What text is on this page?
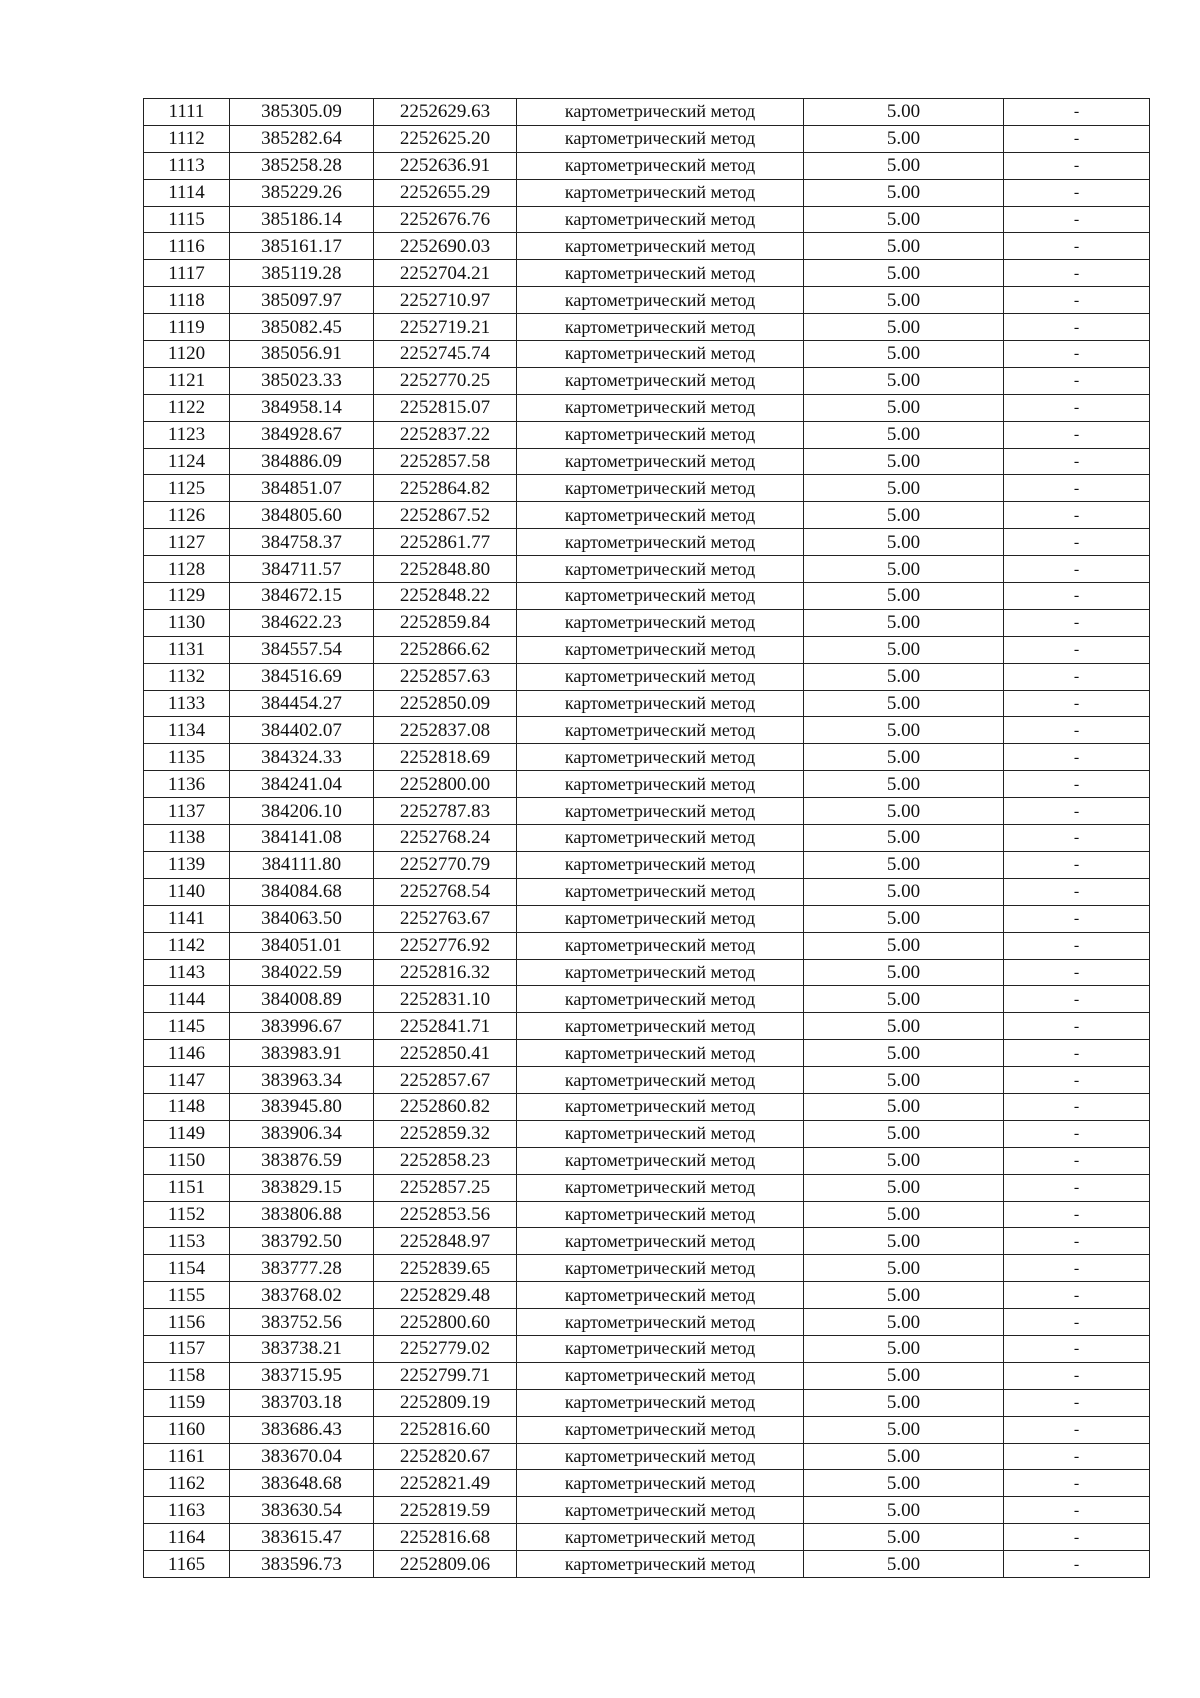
1111	385305.09	2252629.63	картометрический метод	5.00	-
1112	385282.64	2252625.20	картометрический метод	5.00	-
1113	385258.28	2252636.91	картометрический метод	5.00	-
1114	385229.26	2252655.29	картометрический метод	5.00	-
1115	385186.14	2252676.76	картометрический метод	5.00	-
1116	385161.17	2252690.03	картометрический метод	5.00	-
1117	385119.28	2252704.21	картометрический метод	5.00	-
1118	385097.97	2252710.97	картометрический метод	5.00	-
1119	385082.45	2252719.21	картометрический метод	5.00	-
1120	385056.91	2252745.74	картометрический метод	5.00	-
1121	385023.33	2252770.25	картометрический метод	5.00	-
1122	384958.14	2252815.07	картометрический метод	5.00	-
1123	384928.67	2252837.22	картометрический метод	5.00	-
1124	384886.09	2252857.58	картометрический метод	5.00	-
1125	384851.07	2252864.82	картометрический метод	5.00	-
1126	384805.60	2252867.52	картометрический метод	5.00	-
1127	384758.37	2252861.77	картометрический метод	5.00	-
1128	384711.57	2252848.80	картометрический метод	5.00	-
1129	384672.15	2252848.22	картометрический метод	5.00	-
1130	384622.23	2252859.84	картометрический метод	5.00	-
1131	384557.54	2252866.62	картометрический метод	5.00	-
1132	384516.69	2252857.63	картометрический метод	5.00	-
1133	384454.27	2252850.09	картометрический метод	5.00	-
1134	384402.07	2252837.08	картометрический метод	5.00	-
1135	384324.33	2252818.69	картометрический метод	5.00	-
1136	384241.04	2252800.00	картометрический метод	5.00	-
1137	384206.10	2252787.83	картометрический метод	5.00	-
1138	384141.08	2252768.24	картометрический метод	5.00	-
1139	384111.80	2252770.79	картометрический метод	5.00	-
1140	384084.68	2252768.54	картометрический метод	5.00	-
1141	384063.50	2252763.67	картометрический метод	5.00	-
1142	384051.01	2252776.92	картометрический метод	5.00	-
1143	384022.59	2252816.32	картометрический метод	5.00	-
1144	384008.89	2252831.10	картометрический метод	5.00	-
1145	383996.67	2252841.71	картометрический метод	5.00	-
1146	383983.91	2252850.41	картометрический метод	5.00	-
1147	383963.34	2252857.67	картометрический метод	5.00	-
1148	383945.80	2252860.82	картометрический метод	5.00	-
1149	383906.34	2252859.32	картометрический метод	5.00	-
1150	383876.59	2252858.23	картометрический метод	5.00	-
1151	383829.15	2252857.25	картометрический метод	5.00	-
1152	383806.88	2252853.56	картометрический метод	5.00	-
1153	383792.50	2252848.97	картометрический метод	5.00	-
1154	383777.28	2252839.65	картометрический метод	5.00	-
1155	383768.02	2252829.48	картометрический метод	5.00	-
1156	383752.56	2252800.60	картометрический метод	5.00	-
1157	383738.21	2252779.02	картометрический метод	5.00	-
1158	383715.95	2252799.71	картометрический метод	5.00	-
1159	383703.18	2252809.19	картометрический метод	5.00	-
1160	383686.43	2252816.60	картометрический метод	5.00	-
1161	383670.04	2252820.67	картометрический метод	5.00	-
1162	383648.68	2252821.49	картометрический метод	5.00	-
1163	383630.54	2252819.59	картометрический метод	5.00	-
1164	383615.47	2252816.68	картометрический метод	5.00	-
1165	383596.73	2252809.06	картометрический метод	5.00	-
